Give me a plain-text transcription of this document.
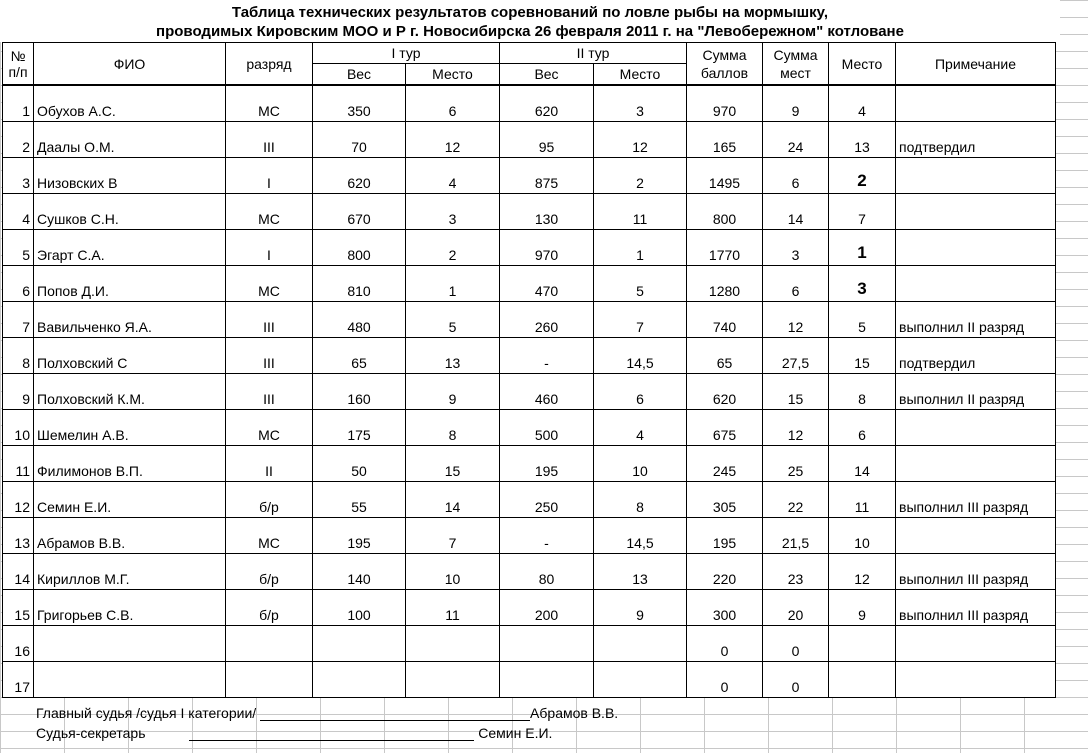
Таблица технических результатов соревнований по ловле рыбы на мормышку,
проводимых Кировским МОО и Р г. Новосибирска 26 февраля 2011 г. на "Левобережном" котловане
№ п/п	ФИО	разряд	I тур		II тур		Сумма баллов	Сумма мест	Место	Примечание
			Вес	Место	Вес	Место				
1	Обухов А.С.	МС	350	6	620	3	970	9	4	
2	Даалы О.М.	III	70	12	95	12	165	24	13	подтвердил
3	Низовских В	I	620	4	875	2	1495	6	2	
4	Сушков С.Н.	МС	670	3	130	11	800	14	7	
5	Эгарт С.А.	I	800	2	970	1	1770	3	1	
6	Попов Д.И.	МС	810	1	470	5	1280	6	3	
7	Вавильченко Я.А.	III	480	5	260	7	740	12	5	выполнил II разряд
8	Полховский С	III	65	13	-	14,5	65	27,5	15	подтвердил
9	Полховский К.М.	III	160	9	460	6	620	15	8	выполнил II разряд
10	Шемелин А.В.	МС	175	8	500	4	675	12	6	
11	Филимонов В.П.	II	50	15	195	10	245	25	14	
12	Семин Е.И.	б/р	55	14	250	8	305	22	11	выполнил III разряд
13	Абрамов В.В.	МС	195	7	-	14,5	195	21,5	10	
14	Кириллов М.Г.	б/р	140	10	80	13	220	23	12	выполнил III разряд
15	Григорьев С.В.	б/р	100	11	200	9	300	20	9	выполнил III разряд
16							0	0		
17							0	0		
Главный судья /судья I категории/	Абрамов В.В.
Судья-секретарь	Семин Е.И.
